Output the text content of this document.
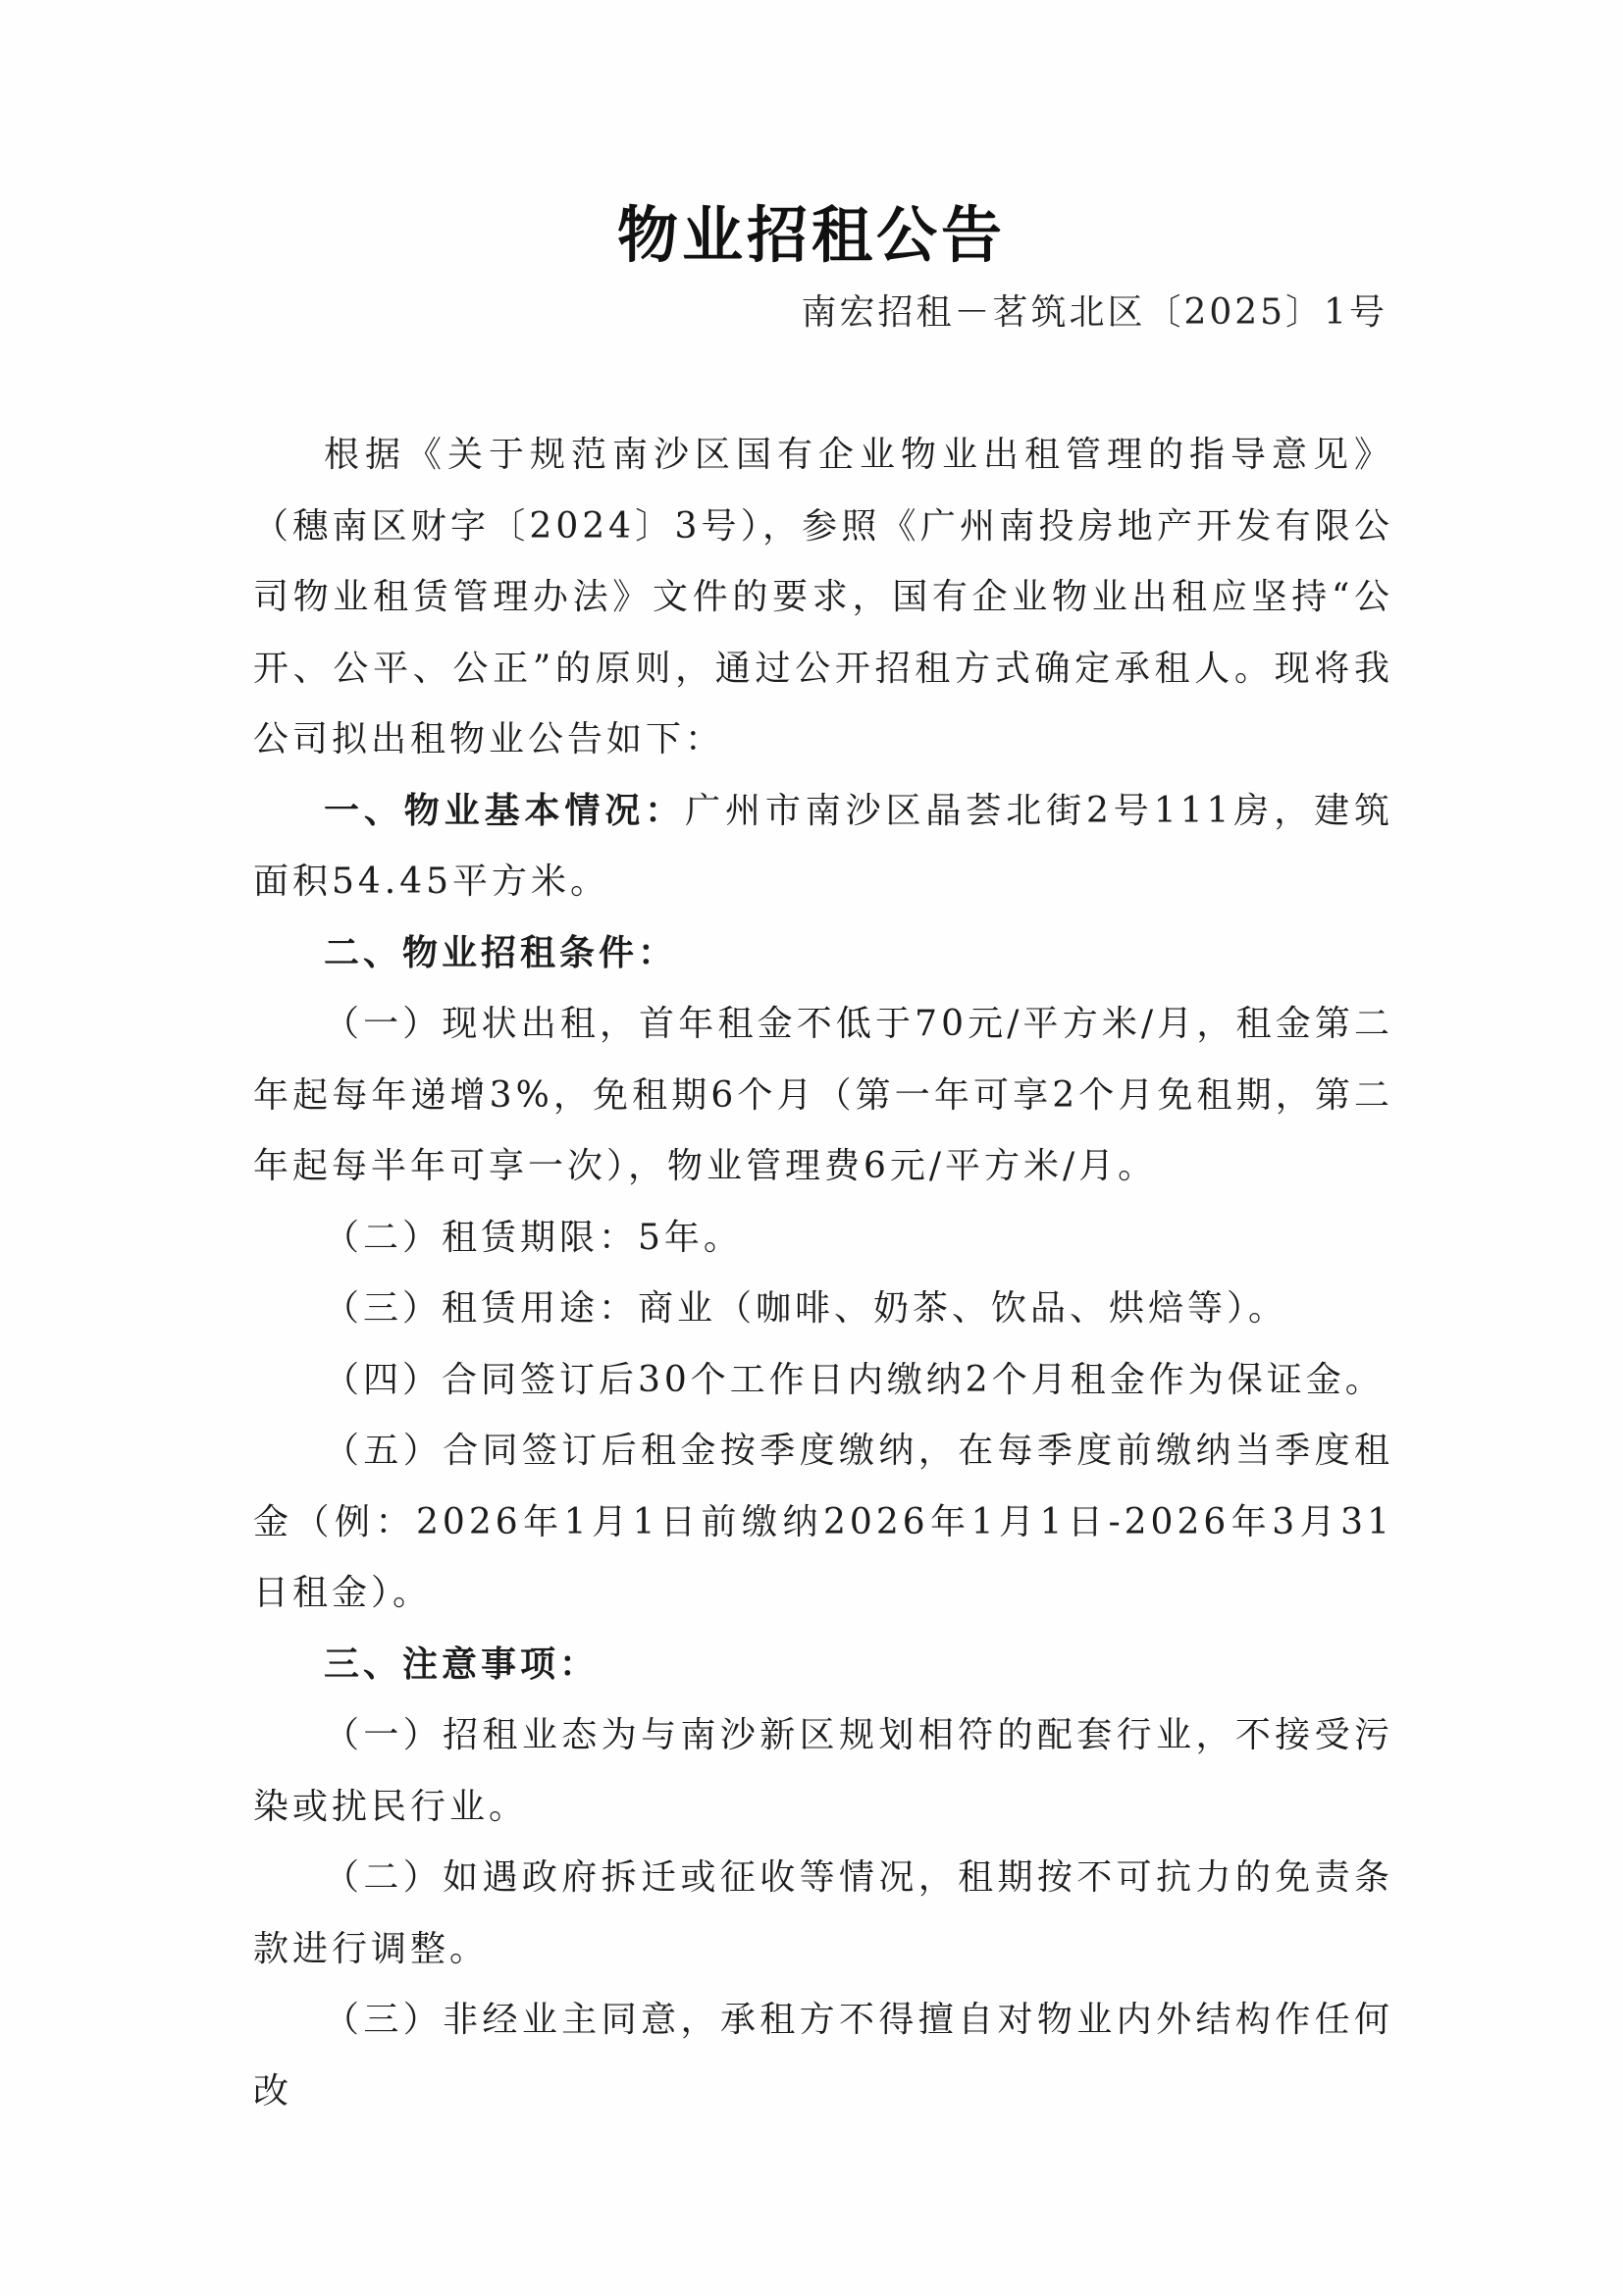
物业招租公告
南宏招租－茗筑北区〔2025〕1号

根据《关于规范南沙区国有企业物业出租管理的指导意见》（穗南区财字〔2024〕3号），参照《广州南投房地产开发有限公司物业租赁管理办法》文件的要求，国有企业物业出租应坚持“公开、公平、公正”的原则，通过公开招租方式确定承租人。现将我公司拟出租物业公告如下：

一、物业基本情况：广州市南沙区晶荟北街2号111房，建筑面积54.45平方米。

二、物业招租条件：

（一）现状出租，首年租金不低于70元/平方米/月，租金第二年起每年递增3%，免租期6个月（第一年可享2个月免租期，第二年起每半年可享一次），物业管理费6元/平方米/月。

（二）租赁期限：5年。

（三）租赁用途：商业（咖啡、奶茶、饮品、烘焙等）。

（四）合同签订后30个工作日内缴纳2个月租金作为保证金。

（五）合同签订后租金按季度缴纳，在每季度前缴纳当季度租金（例：2026年1月1日前缴纳2026年1月1日-2026年3月31日租金）。

三、注意事项：

（一）招租业态为与南沙新区规划相符的配套行业，不接受污染或扰民行业。

（二）如遇政府拆迁或征收等情况，租期按不可抗力的免责条款进行调整。

（三）非经业主同意，承租方不得擅自对物业内外结构作任何改
